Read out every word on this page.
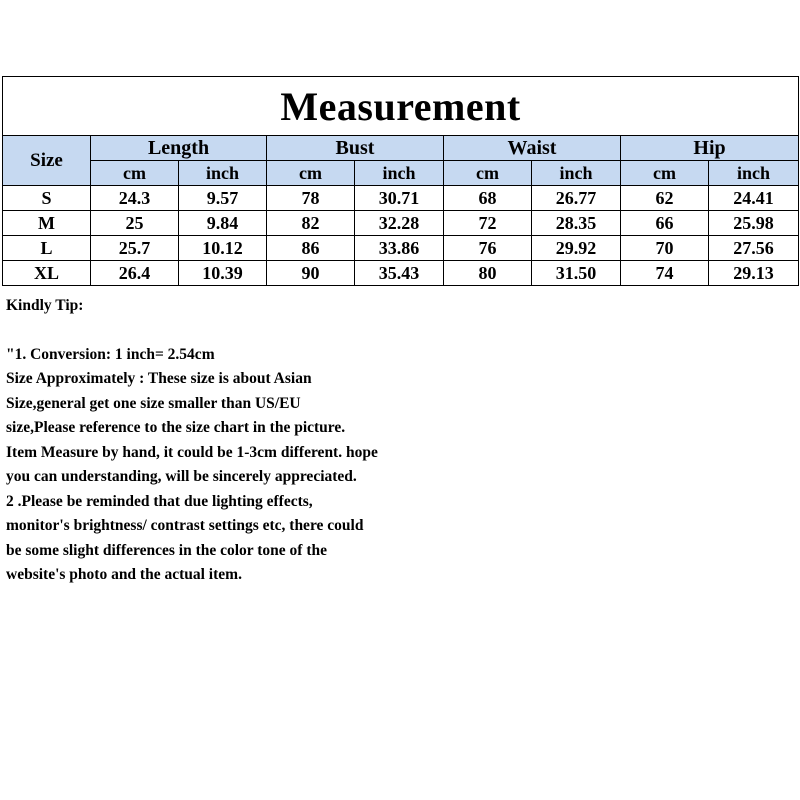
Measurement								
Size	Length		Bust		Waist		Hip	
	cm	inch	cm	inch	cm	inch	cm	inch
S	24.3	9.57	78	30.71	68	26.77	62	24.41
M	25	9.84	82	32.28	72	28.35	66	25.98
L	25.7	10.12	86	33.86	76	29.92	70	27.56
XL	26.4	10.39	90	35.43	80	31.50	74	29.13
Kindly Tip:
"1. Conversion: 1 inch= 2.54cm
Size Approximately : These size is about Asian
Size,general get one size smaller than US/EU
size,Please reference to the size chart in the picture.
Item Measure by hand, it could be 1-3cm different. hope
you can understanding, will be sincerely appreciated.
2 .Please be reminded that due lighting effects,
monitor's brightness/ contrast settings etc, there could
be some slight differences in the color tone of the
website's photo and the actual item.
